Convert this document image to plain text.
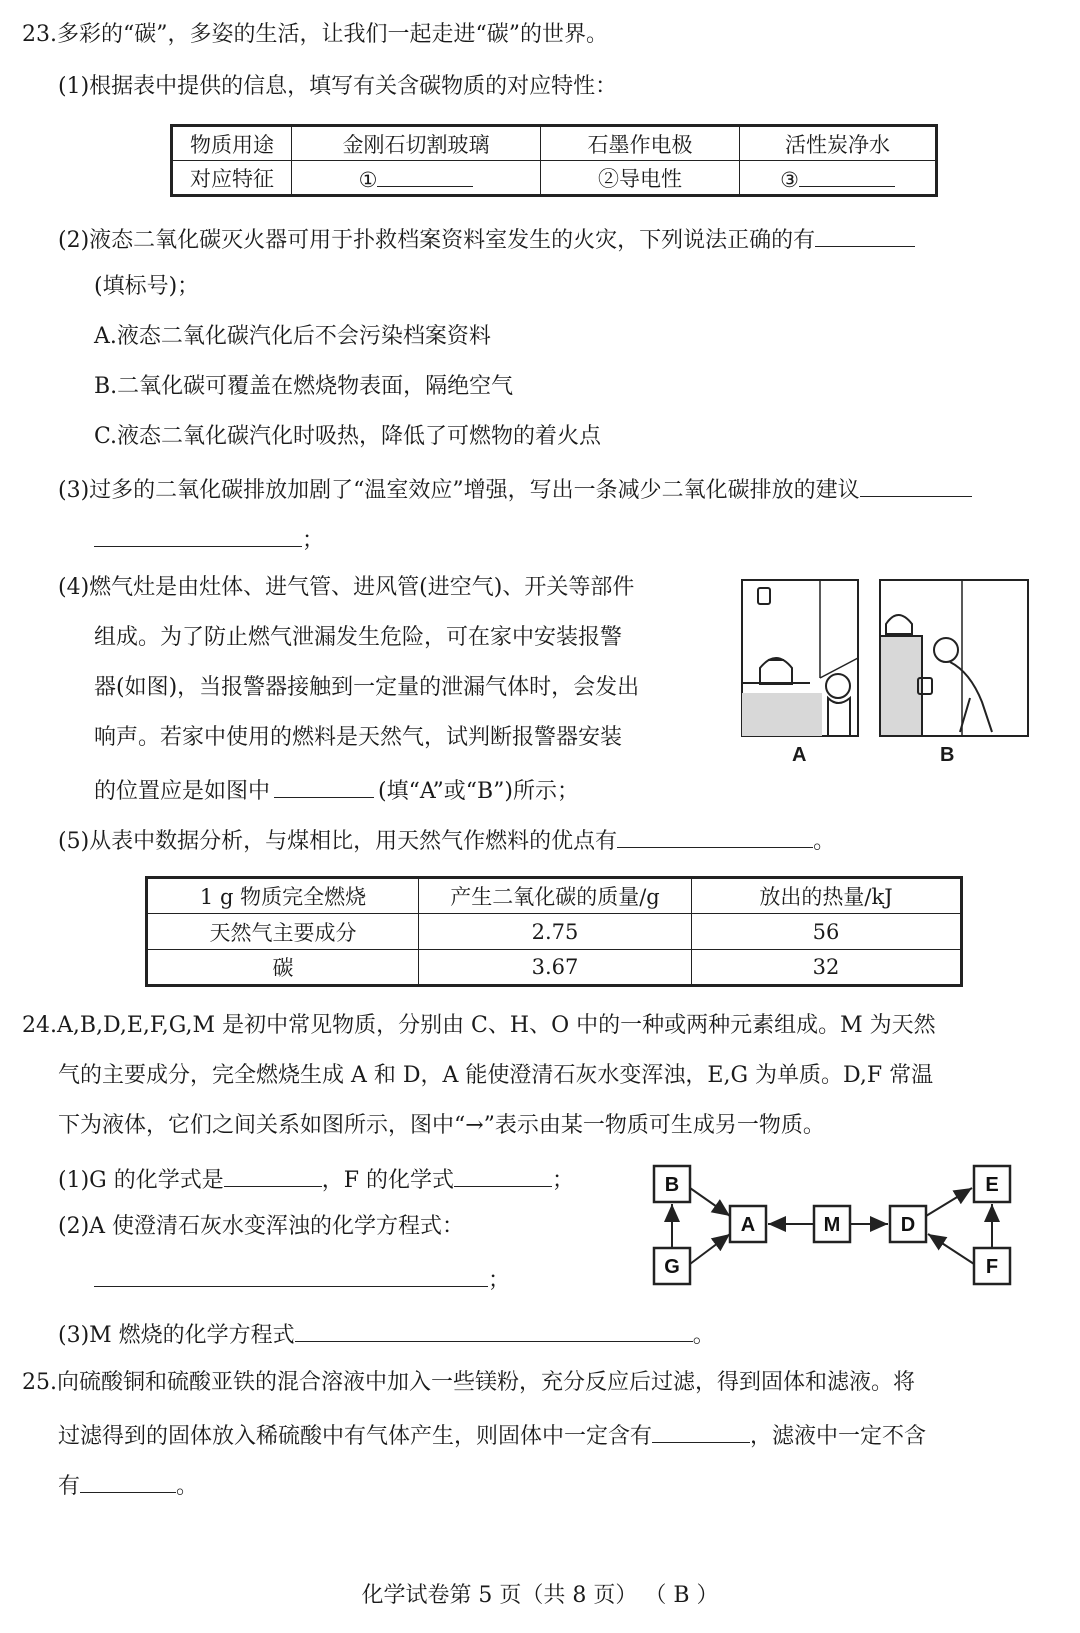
23.多彩的“碳”，多姿的生活，让我们一起走进“碳”的世界。
(1)根据表中提供的信息，填写有关含碳物质的对应特性：
物质用途	金刚石切割玻璃	石墨作电极	活性炭净水
对应特征	①	②导电性	③
(2)液态二氧化碳灭火器可用于扑救档案资料室发生的火灾，下列说法正确的有
(填标号)；
A.液态二氧化碳汽化后不会污染档案资料
B.二氧化碳可覆盖在燃烧物表面，隔绝空气
C.液态二氧化碳汽化时吸热，降低了可燃物的着火点
(3)过多的二氧化碳排放加剧了“温室效应”增强，写出一条减少二氧化碳排放的建议
；
(4)燃气灶是由灶体、进气管、进风管(进空气)、开关等部件
组成。为了防止燃气泄漏发生危险，可在家中安装报警
器(如图)，当报警器接触到一定量的泄漏气体时，会发出
响声。若家中使用的燃料是天然气，试判断报警器安装
的位置应是如图中	(填“A”或“B”)所示；
A	B
(5)从表中数据分析，与煤相比，用天然气作燃料的优点有	。
1 g 物质完全燃烧	产生二氧化碳的质量/g	放出的热量/kJ
天然气主要成分	2.75	56
碳	3.67	32
24.A,B,D,E,F,G,M 是初中常见物质，分别由 C、H、O 中的一种或两种元素组成。M 为天然
气的主要成分，完全燃烧生成 A 和 D，A 能使澄清石灰水变浑浊，E,G 为单质。D,F 常温
下为液体，它们之间关系如图所示，图中“→”表示由某一物质可生成另一物质。
(1)G 的化学式是	，F 的化学式	；
(2)A 使澄清石灰水变浑浊的化学方程式：
；
(3)M 燃烧的化学方程式	。
B
G
A	M	D
E
F
25.向硫酸铜和硫酸亚铁的混合溶液中加入一些镁粉，充分反应后过滤，得到固体和滤液。将
过滤得到的固体放入稀硫酸中有气体产生，则固体中一定含有	，滤液中一定不含
有	。
化学试卷第 5 页（共 8 页） （ B ）
